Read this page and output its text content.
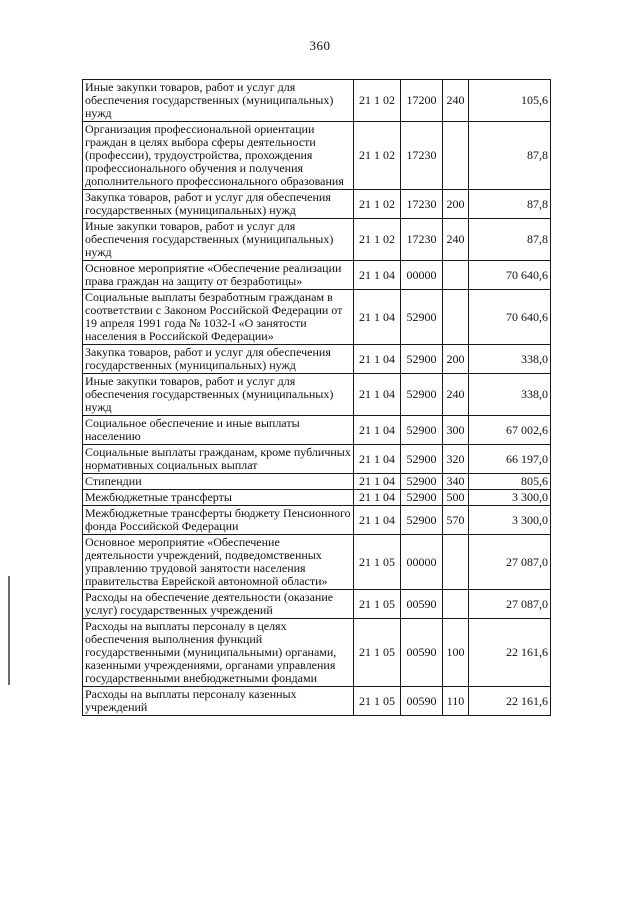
360
Иные закупки товаров, работ и услуг для обеспечения государственных (муниципальных) нужд	21 1 02	17200	240	105,6
Организация профессиональной ориентации граждан в целях выбора сферы деятельности (профессии), трудоустройства, прохождения профессионального обучения и получения дополнительного профессионального образования	21 1 02	17230		87,8
Закупка товаров, работ и услуг для обеспечения государственных (муниципальных) нужд	21 1 02	17230	200	87,8
Иные закупки товаров, работ и услуг для обеспечения государственных (муниципальных) нужд	21 1 02	17230	240	87,8
Основное мероприятие «Обеспечение реализации права граждан на защиту от безработицы»	21 1 04	00000		70 640,6
Социальные выплаты безработным гражданам в соответствии с Законом Российской Федерации от 19 апреля 1991 года № 1032-I «О занятости населения в Российской Федерации»	21 1 04	52900		70 640,6
Закупка товаров, работ и услуг для обеспечения государственных (муниципальных) нужд	21 1 04	52900	200	338,0
Иные закупки товаров, работ и услуг для обеспечения государственных (муниципальных) нужд	21 1 04	52900	240	338,0
Социальное обеспечение и иные выплаты населению	21 1 04	52900	300	67 002,6
Социальные выплаты гражданам, кроме публичных нормативных социальных выплат	21 1 04	52900	320	66 197,0
Стипендии	21 1 04	52900	340	805,6
Межбюджетные трансферты	21 1 04	52900	500	3 300,0
Межбюджетные трансферты бюджету Пенсионного фонда Российской Федерации	21 1 04	52900	570	3 300,0
Основное мероприятие «Обеспечение деятельности учреждений, подведомственных управлению трудовой занятости населения правительства Еврейской автономной области»	21 1 05	00000		27 087,0
Расходы на обеспечение деятельности (оказание услуг) государственных учреждений	21 1 05	00590		27 087,0
Расходы на выплаты персоналу в целях обеспечения выполнения функций государственными (муниципальными) органами, казенными учреждениями, органами управления государственными внебюджетными фондами	21 1 05	00590	100	22 161,6
Расходы на выплаты персоналу казенных учреждений	21 1 05	00590	110	22 161,6
